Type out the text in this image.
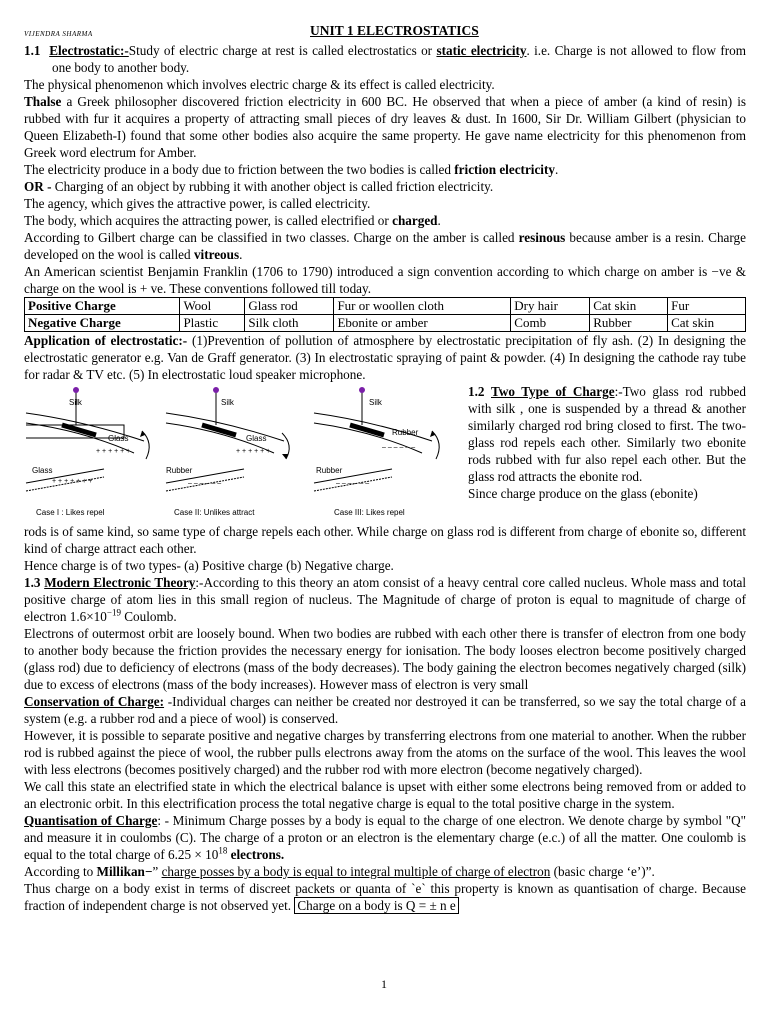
VIJENDRA SHARMA	UNIT 1 ELECTROSTATICS

1.1 Electrostatic:-Study of electric charge at rest is called electrostatics or static electricity. i.e. Charge is not allowed to flow from one body to another body.

The physical phenomenon which involves electric charge & its effect is called electricity.

Thalse a Greek philosopher discovered friction electricity in 600 BC. He observed that when a piece of amber (a kind of resin) is rubbed with fur it acquires a property of attracting small pieces of dry leaves & dust. In 1600, Sir Dr. William Gilbert (physician to Queen Elizabeth-I) found that some other bodies also acquire the same property. He gave name electricity for this phenomenon from Greek word electrum for Amber.

The electricity produce in a body due to friction between the two bodies is called friction electricity.

OR - Charging of an object by rubbing it with another object is called friction electricity.

The agency, which gives the attractive power, is called electricity.

The body, which acquires the attracting power, is called electrified or charged.

According to Gilbert charge can be classified in two classes. Charge on the amber is called resinous because amber is a resin. Charge developed on the wool is called vitreous.

An American scientist Benjamin Franklin (1706 to 1790) introduced a sign convention according to which charge on amber is −ve & charge on the wool is + ve. These conventions followed till today.

Positive Charge	Wool	Glass rod	Fur or woollen cloth	Dry hair	Cat skin	Fur
Negative Charge	Plastic	Silk cloth	Ebonite or amber	Comb	Rubber	Cat skin

Application of electrostatic:- (1)Prevention of pollution of atmosphere by electrostatic precipitation of fly ash. (2) In designing the electrostatic generator e.g. Van de Graff generator. (3) In electrostatic spraying of paint & powder. (4) In designing the cathode ray tube for radar & TV etc. (5) In electrostatic loud speaker microphone.

Silk
Glass
+ + + + + +
Glass
+ + + + + + +
Case I : Likes repel
Silk
Glass
+ + + + + +
Rubber
– – – – – –
Case II: Unlikes attract
Silk
Rubber
– – – – – –
Rubber
– – – – – –
Case III: Likes repel

1.2 Two Type of Charge:-Two glass rod rubbed with silk , one is suspended by a thread & another similarly charged rod bring closed to first. The two-glass rod repels each other. Similarly two ebonite rods rubbed with fur also repel each other. But the glass rod attracts the ebonite rod.

Since charge produce on the glass (ebonite)

rods is of same kind, so same type of charge repels each other. While charge on glass rod is different from charge of ebonite so, different kind of charge attract each other.

Hence charge is of two types- (a) Positive charge (b) Negative charge.

1.3 Modern Electronic Theory:-According to this theory an atom consist of a heavy central core called nucleus. Whole mass and total positive charge of atom lies in this small region of nucleus. The Magnitude of charge of proton is equal to magnitude of charge of electron $1.6\times 10^{-19}$ Coulomb.

Electrons of outermost orbit are loosely bound. When two bodies are rubbed with each other there is transfer of electron from one body to another body because the friction provides the necessary energy for ionisation. The body looses electron become positively charged (glass rod) due to deficiency of electrons (mass of the body decreases). The body gaining the electron becomes negatively charged (silk) due to excess of electrons (mass of the body increases). However mass of electron is very small

Conservation of Charge: -Individual charges can neither be created nor destroyed it can be transferred, so we say the total charge of a system (e.g. a rubber rod and a piece of wool) is conserved.

However, it is possible to separate positive and negative charges by transferring electrons from one material to another. When the rubber rod is rubbed against the piece of wool, the rubber pulls electrons away from the atoms on the surface of the wool. This leaves the wool with less electrons (becomes positively charged) and the rubber rod with more electron (become negatively charged).

We call this state an electrified state in which the electrical balance is upset with either some electrons being removed from or added to an electronic orbit. In this electrification process the total negative charge is equal to the total positive charge in the system.

Quantisation of Charge: - Minimum Charge posses by a body is equal to the charge of one electron. We denote charge by symbol "Q" and measure it in coulombs (C). The charge of a proton or an electron is the elementary charge (e.c.) of all the matter. One coulomb is equal to the total charge of $6.25 \times 10^{18}$ electrons.

According to Millikan−” charge posses by a body is equal to integral multiple of charge of electron (basic charge ‘e’)”.

Thus charge on a body exist in terms of discreet packets or quanta of `e` this property is known as quantisation of charge. Because fraction of independent charge is not observed yet. Charge on a body is Q = ± n e

1
